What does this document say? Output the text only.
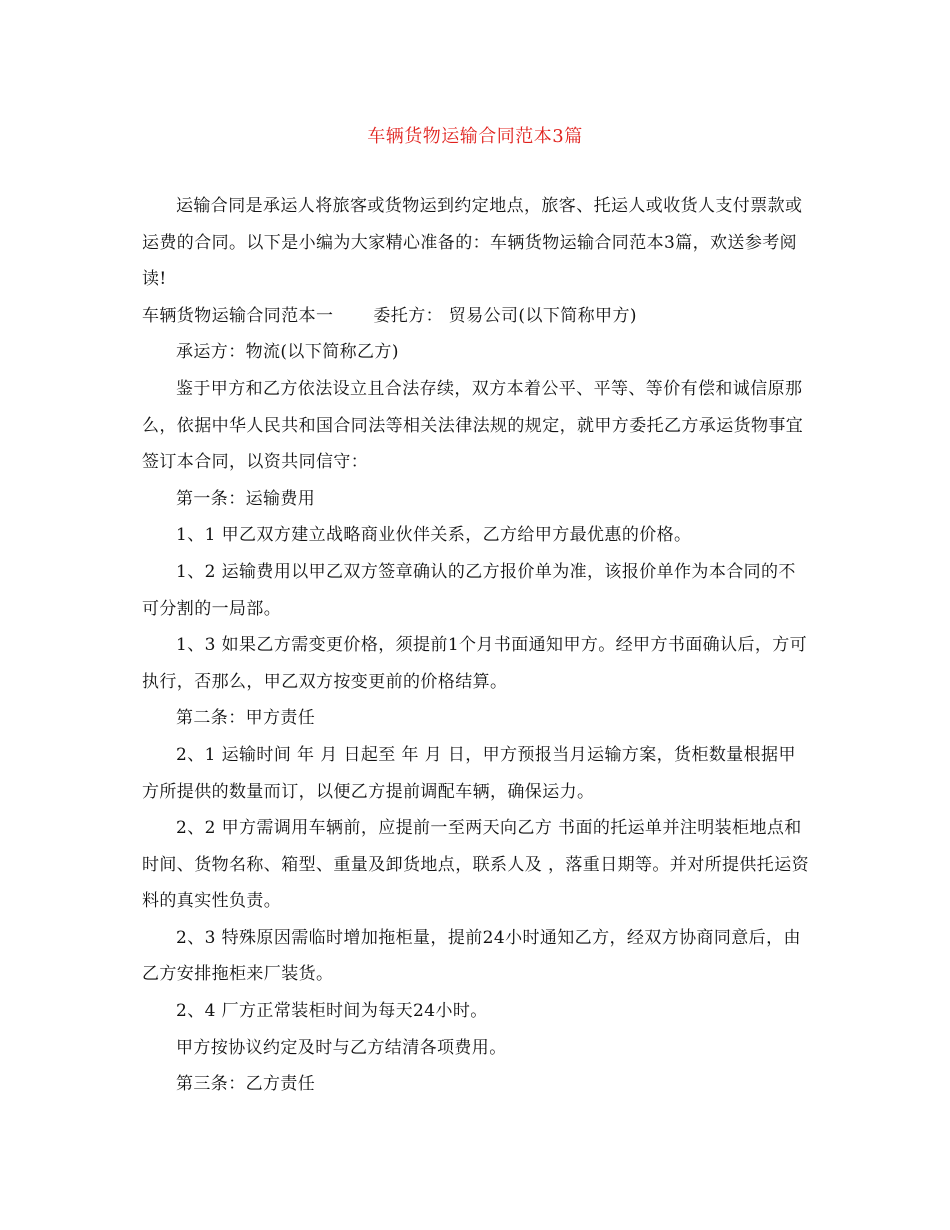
车辆货物运输合同范本3篇

运输合同是承运人将旅客或货物运到约定地点，旅客、托运人或收货人支付票款或运费的合同。以下是小编为大家精心准备的：车辆货物运输合同范本3篇，欢送参考阅读!

车辆货物运输合同范本一 委托方： 贸易公司(以下简称甲方)

承运方：物流(以下简称乙方)

鉴于甲方和乙方依法设立且合法存续，双方本着公平、平等、等价有偿和诚信原那么，依据中华人民共和国合同法等相关法律法规的规定，就甲方委托乙方承运货物事宜签订本合同，以资共同信守：

第一条：运输费用

1、1 甲乙双方建立战略商业伙伴关系，乙方给甲方最优惠的价格。

1、2 运输费用以甲乙双方签章确认的乙方报价单为准，该报价单作为本合同的不可分割的一局部。

1、3 如果乙方需变更价格，须提前1个月书面通知甲方。经甲方书面确认后，方可执行，否那么，甲乙双方按变更前的价格结算。

第二条：甲方责任

2、1 运输时间 年 月 日起至 年 月 日，甲方预报当月运输方案，货柜数量根据甲方所提供的数量而订，以便乙方提前调配车辆，确保运力。

2、2 甲方需调用车辆前，应提前一至两天向乙方 书面的托运单并注明装柜地点和时间、货物名称、箱型、重量及卸货地点，联系人及 ，落重日期等。并对所提供托运资料的真实性负责。

2、3 特殊原因需临时增加拖柜量，提前24小时通知乙方，经双方协商同意后，由乙方安排拖柜来厂装货。

2、4 厂方正常装柜时间为每天24小时。

甲方按协议约定及时与乙方结清各项费用。

第三条：乙方责任
